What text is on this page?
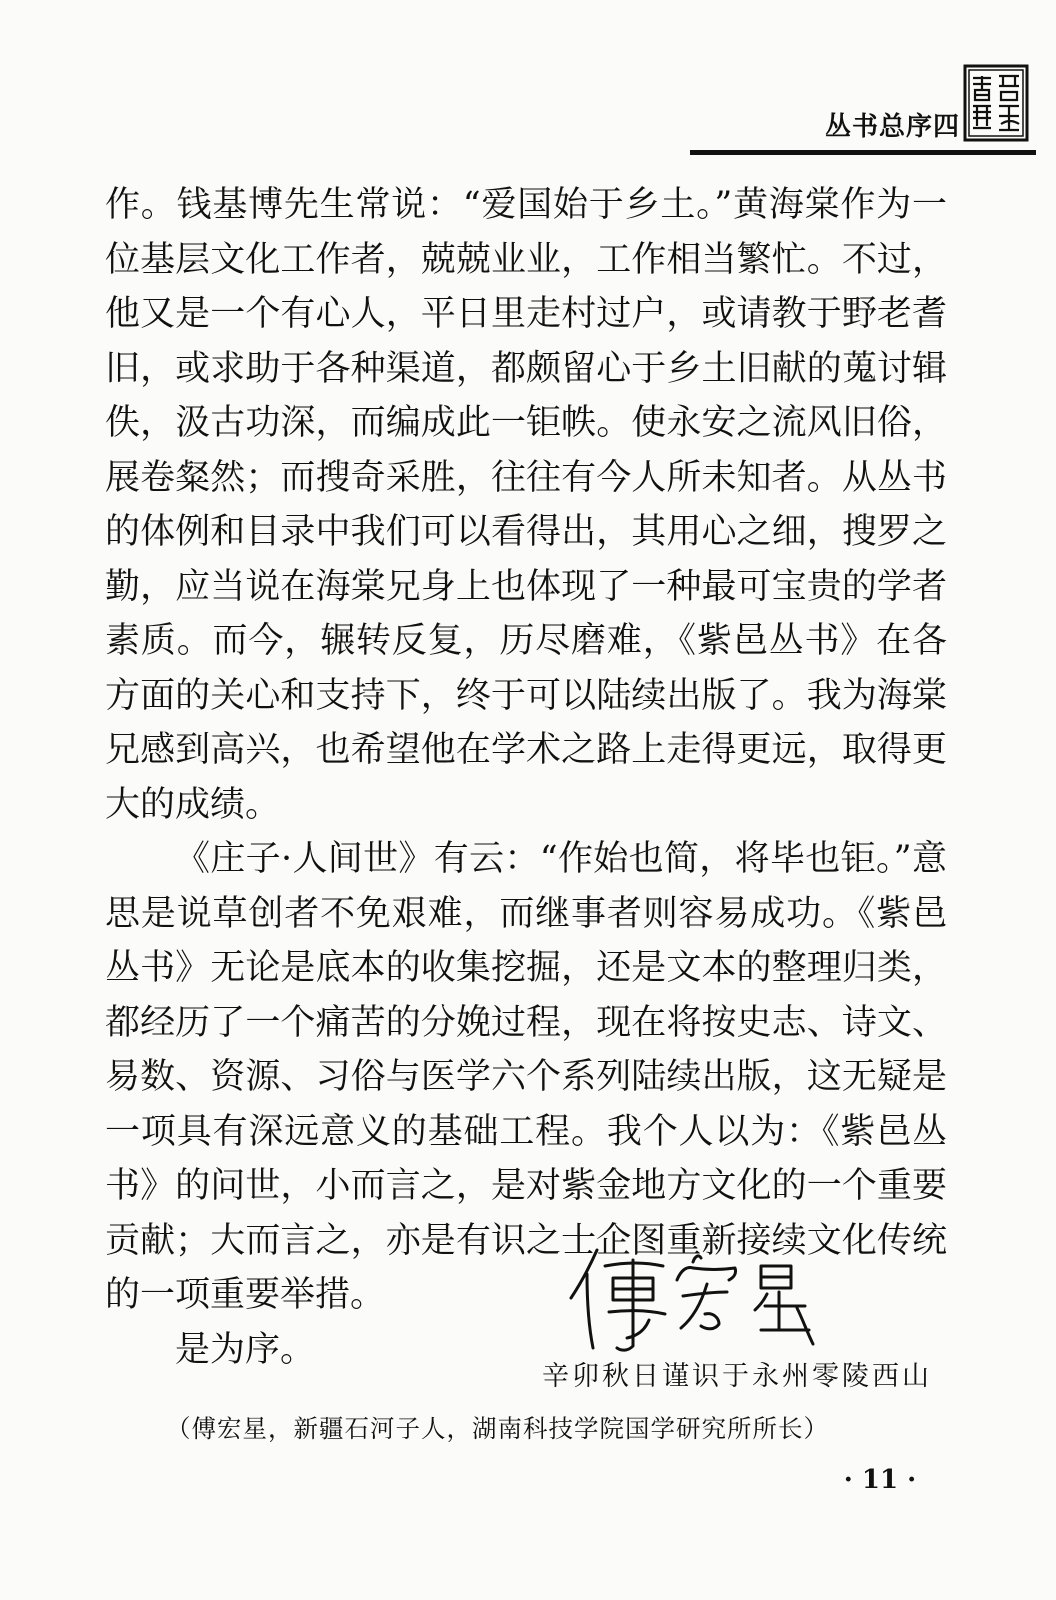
丛书总序四

作。钱基博先生常说：“爱国始于乡土。”黄海棠作为一位基层文化工作者，兢兢业业，工作相当繁忙。不过，他又是一个有心人，平日里走村过户，或请教于野老耆旧，或求助于各种渠道，都颇留心于乡土旧献的蒐讨辑佚，汲古功深，而编成此一钜帙。使永安之流风旧俗，展卷粲然；而搜奇采胜，往往有今人所未知者。从丛书的体例和目录中我们可以看得出，其用心之细，搜罗之勤，应当说在海棠兄身上也体现了一种最可宝贵的学者素质。而今，辗转反复，历尽磨难，《紫邑丛书》在各方面的关心和支持下，终于可以陆续出版了。我为海棠兄感到高兴，也希望他在学术之路上走得更远，取得更大的成绩。

《庄子·人间世》有云：“作始也简，将毕也钜。”意思是说草创者不免艰难，而继事者则容易成功。《紫邑丛书》无论是底本的收集挖掘，还是文本的整理归类，都经历了一个痛苦的分娩过程，现在将按史志、诗文、易数、资源、习俗与医学六个系列陆续出版，这无疑是一项具有深远意义的基础工程。我个人以为：《紫邑丛书》的问世，小而言之，是对紫金地方文化的一个重要贡献；大而言之，亦是有识之士企图重新接续文化传统的一项重要举措。

是为序。

辛卯秋日谨识于永州零陵西山
（傅宏星，新疆石河子人，湖南科技学院国学研究所所长）
· 11 ·
